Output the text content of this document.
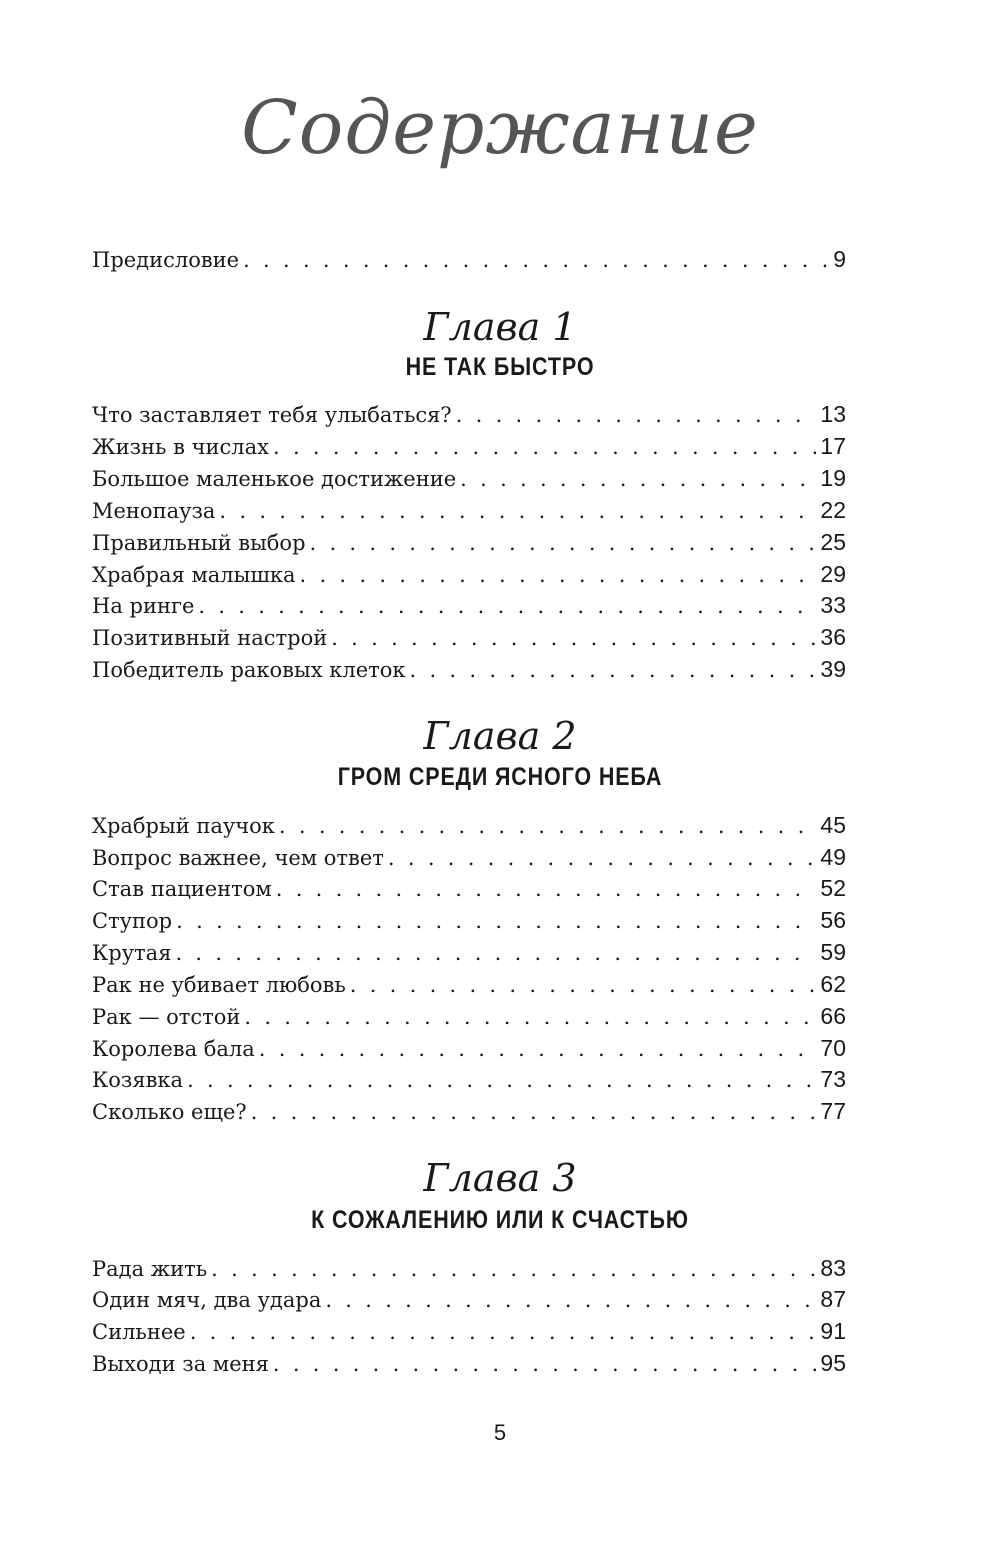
Содержание
Предисловие . . .	9
Глава 1
НЕ ТАК БЫСТРО
Что заставляет тебя улыбаться? . . .	13
Жизнь в числах . . .	17
Большое маленькое достижение . . .	19
Менопауза . . .	22
Правильный выбор . . .	25
Храбрая малышка . . .	29
На ринге . . .	33
Позитивный настрой . . .	36
Победитель раковых клеток . . .	39
Глава 2
ГРОМ СРЕДИ ЯСНОГО НЕБА
Храбрый паучок . . .	45
Вопрос важнее, чем ответ . . .	49
Став пациентом . . .	52
Ступор . . .	56
Крутая . . .	59
Рак не убивает любовь . . .	62
Рак — отстой . . .	66
Королева бала . . .	70
Козявка . . .	73
Сколько еще? . . .	77
Глава 3
К СОЖАЛЕНИЮ ИЛИ К СЧАСТЬЮ
Рада жить . . .	83
Один мяч, два удара . . .	87
Сильнее . . .	91
Выходи за меня . . .	95
5
